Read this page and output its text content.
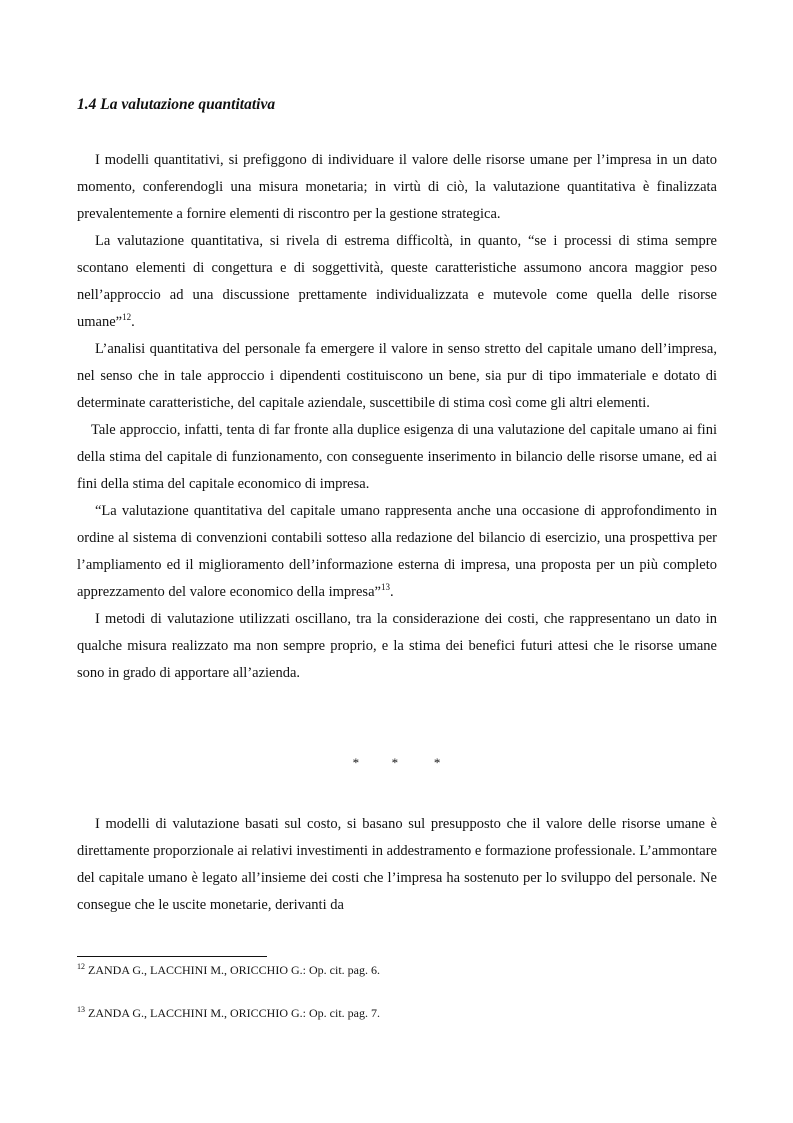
1.4 La valutazione quantitativa

I modelli quantitativi, si prefiggono di individuare il valore delle risorse umane per l’impresa in un dato momento, conferendogli una misura monetaria; in virtù di ciò, la valutazione quantitativa è finalizzata prevalentemente a fornire elementi di riscontro per la gestione strategica.

La valutazione quantitativa, si rivela di estrema difficoltà, in quanto, “se i processi di stima sempre scontano elementi di congettura e di soggettività, queste caratteristiche assumono ancora maggior peso nell’approccio ad una discussione prettamente individualizzata e mutevole come quella delle risorse umane”$^{12}$.

L’analisi quantitativa del personale fa emergere il valore in senso stretto del capitale umano dell’impresa, nel senso che in tale approccio i dipendenti costituiscono un bene, sia pur di tipo immateriale e dotato di determinate caratteristiche, del capitale aziendale, suscettibile di stima così come gli altri elementi.

Tale approccio, infatti, tenta di far fronte alla duplice esigenza di una valutazione del capitale umano ai fini della stima del capitale di funzionamento, con conseguente inserimento in bilancio delle risorse umane, ed ai fini della stima del capitale economico di impresa.

“La valutazione quantitativa del capitale umano rappresenta anche una occasione di approfondimento in ordine al sistema di convenzioni contabili sotteso alla redazione del bilancio di esercizio, una prospettiva per l’ampliamento ed il miglioramento dell’informazione esterna di impresa, una proposta per un più completo apprezzamento del valore economico della impresa”$^{13}$.

I metodi di valutazione utilizzati oscillano, tra la considerazione dei costi, che rappresentano un dato in qualche misura realizzato ma non sempre proprio, e la stima dei benefici futuri attesi che le risorse umane sono in grado di apportare all’azienda.

*          *           *

I modelli di valutazione basati sul costo, si basano sul presupposto che il valore delle risorse umane è direttamente proporzionale ai relativi investimenti in addestramento e formazione professionale. L’ammontare del capitale umano è legato all’insieme dei costi che l’impresa ha sostenuto per lo sviluppo del personale. Ne consegue che le uscite monetarie, derivanti da

$^{12}$ ZANDA G., LACCHINI M., ORICCHIO G.: Op. cit. pag. 6.
$^{13}$ ZANDA G., LACCHINI M., ORICCHIO G.: Op. cit. pag. 7.
